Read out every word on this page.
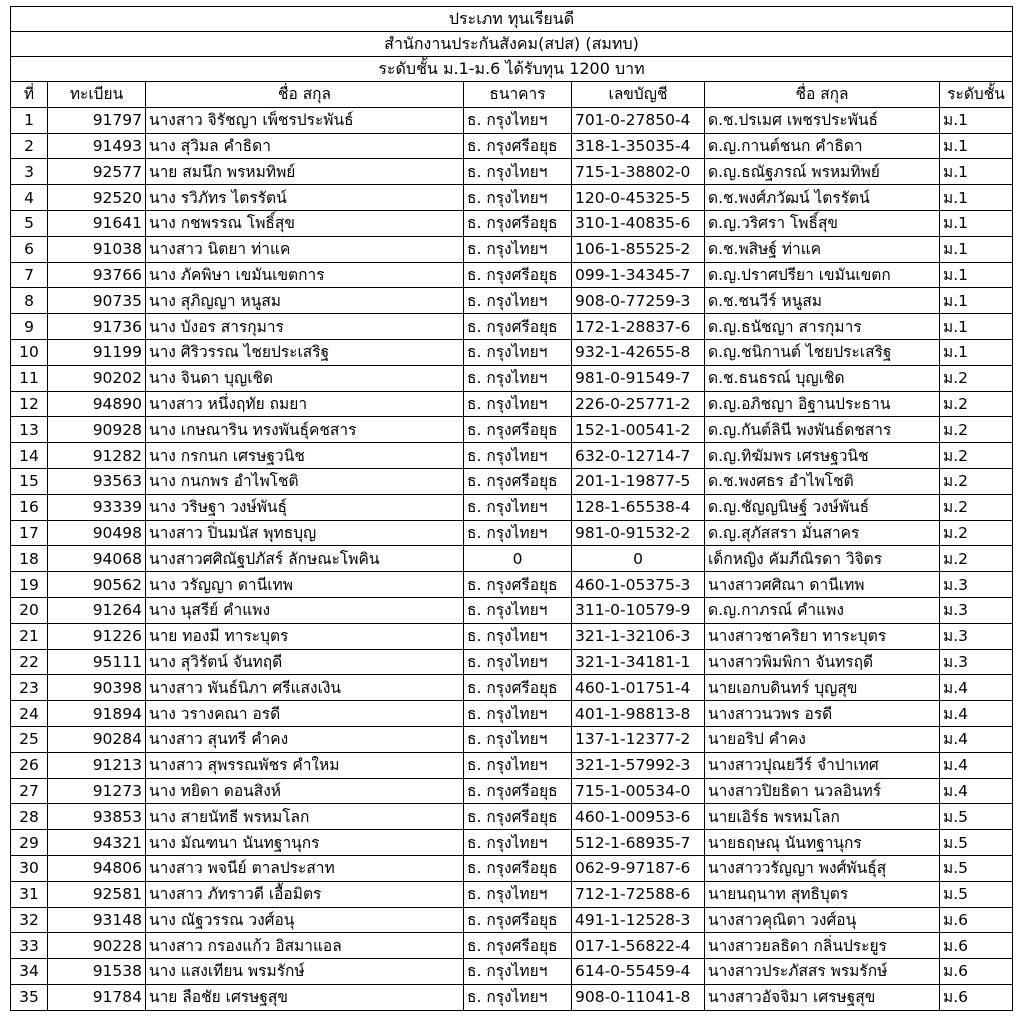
ประเภท ทุนเรียนดี						
สำนักงานประกันสังคม(สปส) (สมทบ)						
ระดับชั้น ม.1-ม.6 ได้รับทุน 1200 บาท						
ที่	ทะเบียน	ชื่อ สกุล	ธนาคาร	เลขบัญชี	ชื่อ สกุล	ระดับชั้น
1	91797	นางสาว จิรัชญา เพ็ชรประพันธ์	ธ. กรุงไทยฯ	701-0-27850-4	ด.ช.ปรเมศ เพชรประพันธ์	ม.1
2	91493	นาง สุวิมล คำธิดา	ธ. กรุงศรีอยุธ	318-1-35035-4	ด.ญ.กานต์ชนก คำธิดา	ม.1
3	92577	นาย สมนึก พรหมทิพย์	ธ. กรุงไทยฯ	715-1-38802-0	ด.ญ.ธณัฐภรณ์ พรหมทิพย์	ม.1
4	92520	นาง รวิภัทร ไตรรัตน์	ธ. กรุงไทยฯ	120-0-45325-5	ด.ช.พงศ์ภวัฒน์ ไตรรัตน์	ม.1
5	91641	นาง กชพรรณ โพธิ์สุข	ธ. กรุงศรีอยุธ	310-1-40835-6	ด.ญ.วริศรา โพธิ์สุข	ม.1
6	91038	นางสาว นิตยา ท่าแค	ธ. กรุงไทยฯ	106-1-85525-2	ด.ช.พสิษฐ์ ท่าแค	ม.1
7	93766	นาง ภัคพิษา เขมันเขตการ	ธ. กรุงศรีอยุธ	099-1-34345-7	ด.ญ.ปราศปรียา เขมันเขตก	ม.1
8	90735	นาง สุภิญญา หนูสม	ธ. กรุงไทยฯ	908-0-77259-3	ด.ช.ชนวีร์ หนูสม	ม.1
9	91736	นาง บังอร สารกุมาร	ธ. กรุงศรีอยุธ	172-1-28837-6	ด.ญ.ธนัชญา สารกุมาร	ม.1
10	91199	นาง ศิริวรรณ ไชยประเสริฐ	ธ. กรุงไทยฯ	932-1-42655-8	ด.ญ.ชนิกานต์ ไชยประเสริฐ	ม.1
11	90202	นาง จินดา บุญเชิด	ธ. กรุงไทยฯ	981-0-91549-7	ด.ช.ธนธรณ์ บุญเชิด	ม.2
12	94890	นางสาว หนึ่งฤทัย ถมยา	ธ. กรุงไทยฯ	226-0-25771-2	ด.ญ.อภิชญา อิฐานประธาน	ม.2
13	90928	นาง เกษณาริน ทรงพันธุ์คชสาร	ธ. กรุงศรีอยุธ	152-1-00541-2	ด.ญ.กันต์ลินี พงพันธ์ดชสาร	ม.2
14	91282	นาง กรกนก เศรษฐวนิช	ธ. กรุงไทยฯ	632-0-12714-7	ด.ญ.ทิฆัมพร เศรษฐวนิช	ม.2
15	93563	นาง กนกพร อำไพโชติ	ธ. กรุงศรีอยุธ	201-1-19877-5	ด.ช.พงศธร อำไพโชติ	ม.2
16	93339	นาง วริษฐา วงษ์พันธุ์	ธ. กรุงไทยฯ	128-1-65538-4	ด.ญ.ชัญญนิษฐ์ วงษ์พันธ์	ม.2
17	90498	นางสาว ปิ่นมนัส พุทธบุญ	ธ. กรุงไทยฯ	981-0-91532-2	ด.ญ.สุภัสสรา มั่นสาคร	ม.2
18	94068	นางสาวศศิณัฐปภัสร์ ลักษณะโพคิน	0	0	เด็กหญิง คัมภีณิรดา วิจิตร	ม.2
19	90562	นาง วรัญญา ดานีเทพ	ธ. กรุงศรีอยุธ	460-1-05375-3	นางสาวศศิณา ดานีเทพ	ม.3
20	91264	นาง นุสรีย์ คำแพง	ธ. กรุงไทยฯ	311-0-10579-9	ด.ญ.กาภรณ์ คำแพง	ม.3
21	91226	นาย ทองมี ทาระบุตร	ธ. กรุงไทยฯ	321-1-32106-3	นางสาวชาคริยา ทาระบุตร	ม.3
22	95111	นาง สุวิรัตน์ จันทฤดี	ธ. กรุงไทยฯ	321-1-34181-1	นางสาวพิมพิกา จันทรฤดี	ม.3
23	90398	นางสาว พันธ์นิภา ศรีแสงเงิน	ธ. กรุงศรีอยุธ	460-1-01751-4	นายเอกบดินทร์ บุญสุข	ม.4
24	91894	นาง วรางคณา อรดี	ธ. กรุงไทยฯ	401-1-98813-8	นางสาวนวพร อรดี	ม.4
25	90284	นางสาว สุนทรี คำคง	ธ. กรุงไทยฯ	137-1-12377-2	นายอริป คำคง	ม.4
26	91213	นางสาว สุพรรณพัชร คำใหม	ธ. กรุงไทยฯ	321-1-57992-3	นางสาวปุณยวีร์ จำปาเทศ	ม.4
27	91273	นาง ทยิดา ดอนสิงห์	ธ. กรุงศรีอยุธ	715-1-00534-0	นางสาวปิยธิดา นวลอินทร์	ม.4
28	93853	นาง สายนัทธี พรหมโลก	ธ. กรุงศรีอยุธ	460-1-00953-6	นายเอิร์ธ พรหมโลก	ม.5
29	94321	นาง มัณฑนา นันทฐานุกร	ธ. กรุงไทยฯ	512-1-68935-7	นายธฤษณุ นันทฐานุกร	ม.5
30	94806	นางสาว พจนีย์ ตาลประสาท	ธ. กรุงศรีอยุธ	062-9-97187-6	นางสาววรัญญา พงศ์พันธุ์สุ	ม.5
31	92581	นางสาว ภัทราวดี เอื้อมิตร	ธ. กรุงไทยฯ	712-1-72588-6	นายนฤนาท สุทธิบุตร	ม.5
32	93148	นาง ณัฐวรรณ วงศ์อนุ	ธ. กรุงศรีอยุธ	491-1-12528-3	นางสาวคุณิตา วงศ์อนุ	ม.6
33	90228	นางสาว กรองแก้ว อิสมาแอล	ธ. กรุงศรีอยุธ	017-1-56822-4	นางสาวยลธิดา กลิ่นประยูร	ม.6
34	91538	นาง แสงเทียน พรมรักษ์	ธ. กรุงไทยฯ	614-0-55459-4	นางสาวประภัสสร พรมรักษ์	ม.6
35	91784	นาย ลือชัย เศรษฐสุข	ธ. กรุงไทยฯ	908-0-11041-8	นางสาวอัจจิมา เศรษฐสุข	ม.6
